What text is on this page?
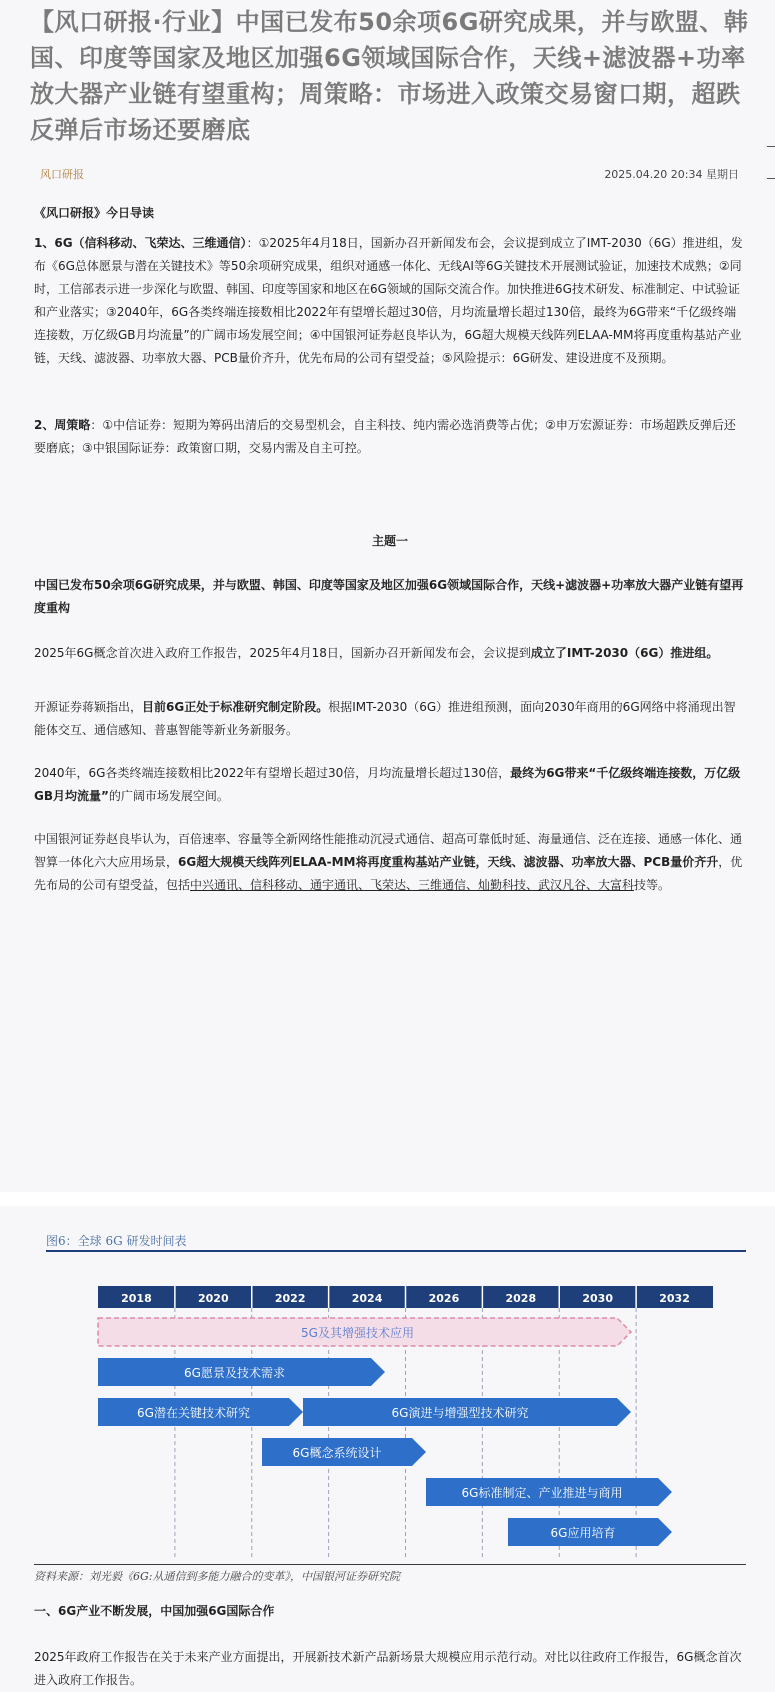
【风口研报·行业】中国已发布50余项6G研究成果，并与欧盟、韩国、印度等国家及地区加强6G领域国际合作，天线+滤波器+功率放大器产业链有望重构；周策略：市场进入政策交易窗口期，超跌反弹后市场还要磨底
风口研报	2025.04.20 20:34 星期日

《风口研报》今日导读

1、6G（信科移动、飞荣达、三维通信）：①2025年4月18日，国新办召开新闻发布会，会议提到成立了IMT-2030（6G）推进组，发布《6G总体愿景与潜在关键技术》等50余项研究成果，组织对通感一体化、无线AI等6G关键技术开展测试验证，加速技术成熟；②同时，工信部表示进一步深化与欧盟、韩国、印度等国家和地区在6G领域的国际交流合作。加快推进6G技术研发、标准制定、中试验证和产业落实；③2040年，6G各类终端连接数相比2022年有望增长超过30倍，月均流量增长超过130倍，最终为6G带来“千亿级终端连接数，万亿级GB月均流量”的广阔市场发展空间；④中国银河证券赵良毕认为，6G超大规模天线阵列ELAA-MM将再度重构基站产业链，天线、滤波器、功率放大器、PCB量价齐升，优先布局的公司有望受益；⑤风险提示：6G研发、建设进度不及预期。

2、周策略：①中信证券：短期为筹码出清后的交易型机会，自主科技、纯内需必选消费等占优；②申万宏源证券：市场超跌反弹后还要磨底；③中银国际证券：政策窗口期，交易内需及自主可控。

主题一

中国已发布50余项6G研究成果，并与欧盟、韩国、印度等国家及地区加强6G领域国际合作，天线+滤波器+功率放大器产业链有望再度重构

2025年6G概念首次进入政府工作报告，2025年4月18日，国新办召开新闻发布会，会议提到成立了IMT-2030（6G）推进组。

开源证券蒋颖指出，目前6G正处于标准研究制定阶段。根据IMT-2030（6G）推进组预测，面向2030年商用的6G网络中将涌现出智能体交互、通信感知、普惠智能等新业务新服务。

2040年，6G各类终端连接数相比2022年有望增长超过30倍，月均流量增长超过130倍，最终为6G带来“千亿级终端连接数，万亿级GB月均流量”的广阔市场发展空间。

中国银河证券赵良毕认为，百倍速率、容量等全新网络性能推动沉浸式通信、超高可靠低时延、海量通信、泛在连接、通感一体化、通智算一体化六大应用场景，6G超大规模天线阵列ELAA-MM将再度重构基站产业链，天线、滤波器、功率放大器、PCB量价齐升，优先布局的公司有望受益，包括中兴通讯、信科移动、通宇通讯、飞荣达、三维通信、灿勤科技、武汉凡谷、大富科技等。

图6：全球 6G 研发时间表
2018	2020	2022	2024	2026	2028	2030	2032
5G及其增强技术应用
6G愿景及技术需求
6G潜在关键技术研究	6G演进与增强型技术研究
6G概念系统设计
6G标准制定、产业推进与商用
6G应用培育
资料来源：刘光毅《6G:从通信到多能力融合的变革》，中国银河证券研究院

一、6G产业不断发展，中国加强6G国际合作

2025年政府工作报告在关于未来产业方面提出，开展新技术新产品新场景大规模应用示范行动。对比以往政府工作报告，6G概念首次进入政府工作报告。
